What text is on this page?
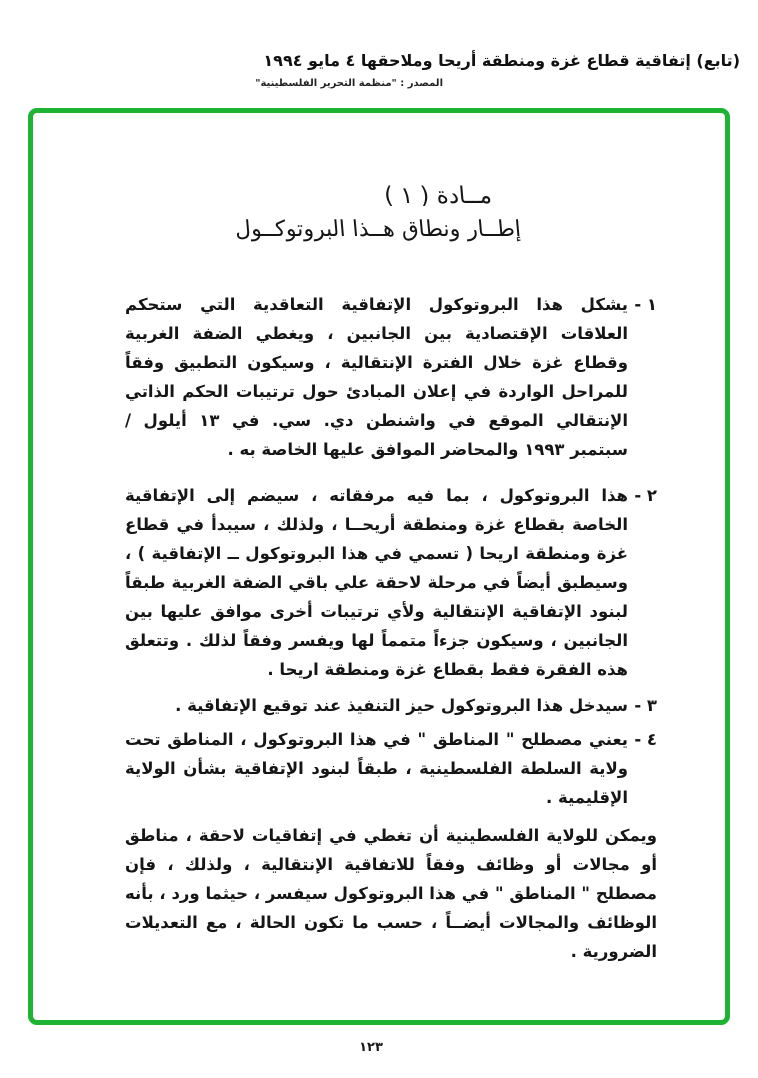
(تابع) إتفاقية قطاع غزة ومنطقة أريحا وملاحقها ٤ مايو ١٩٩٤
المصدر : "منظمة التحرير الفلسطينية"
مــادة ( ١ )
إطــار ونطاق هــذا البروتوكــول
١ -
يشكل هذا البروتوكول الإتفاقية التعاقدية التي ستحكم العلاقات الإقتصادية بين الجانبين ، ويغطي الضفة الغربية وقطاع غزة خلال الفترة الإنتقالية ، وسيكون التطبيق وفقاً للمراحل الواردة في إعلان المبادئ حول ترتيبات الحكم الذاتي الإنتقالي الموقع في واشنطن دي. سي. في ١٣ أيلول / سبتمبر ١٩٩٣ والمحاضر الموافق عليها الخاصة به .
٢ -
هذا البروتوكول ، بما فيه مرفقاته ، سيضم إلى الإتفاقية الخاصة بقطاع غزة ومنطقة أريحــا ، ولذلك ، سيبدأ في قطاع غزة ومنطقة اريحا ( تسمي في هذا البروتوكول ــ الإتفاقية ) ، وسيطبق أيضاً في مرحلة لاحقة علي باقي الضفة الغربية طبقاً لبنود الإتفاقية الإنتقالية ولأي ترتيبات أخرى موافق عليها بين الجانبين ، وسيكون جزءاً متمماً لها ويفسر وفقاً لذلك . وتتعلق هذه الفقرة فقط بقطاع غزة ومنطقة اريحا .
٣ -
سيدخل هذا البروتوكول حيز التنفيذ عند توقيع الإتفاقية .
٤ -
يعني مصطلح " المناطق " في هذا البروتوكول ، المناطق تحت ولاية السلطة الفلسطينية ، طبقاً لبنود الإتفاقية بشأن الولاية الإقليمية .
ويمكن للولاية الفلسطينية أن تغطي في إتفاقيات لاحقة ، مناطق أو مجالات أو وظائف وفقاً للاتفاقية الإنتقالية ، ولذلك ، فإن مصطلح " المناطق " في هذا البروتوكول سيفسر ، حيثما ورد ، بأنه الوظائف والمجالات أيضــاً ، حسب ما تكون الحالة ، مع التعديلات الضرورية .
١٢٣
